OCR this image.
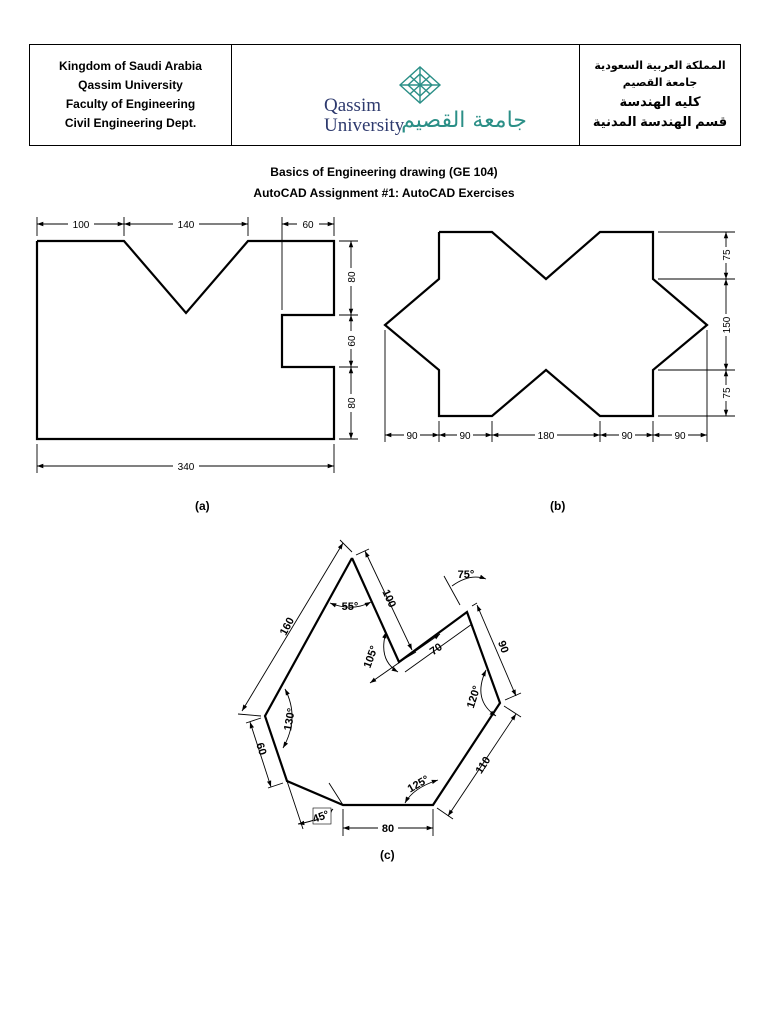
Kingdom of Saudi Arabia
Qassim University
Faculty of Engineering
Civil Engineering Dept.
Qassim
University
جامعة القصيم
المملكة العربية السعودية
جامعة القصيم
كليه الهندسة
قسم الهندسة المدنية
Basics of Engineering drawing (GE 104)
AutoCAD Assignment #1: AutoCAD Exercises
100	140	60
80
60
80
340
75
150
75
90	90	180	90	90
160
55° 100
105°	70
75°
90
120°
130°
60
110
125°
45°
80
(a)	(b)
(c)
